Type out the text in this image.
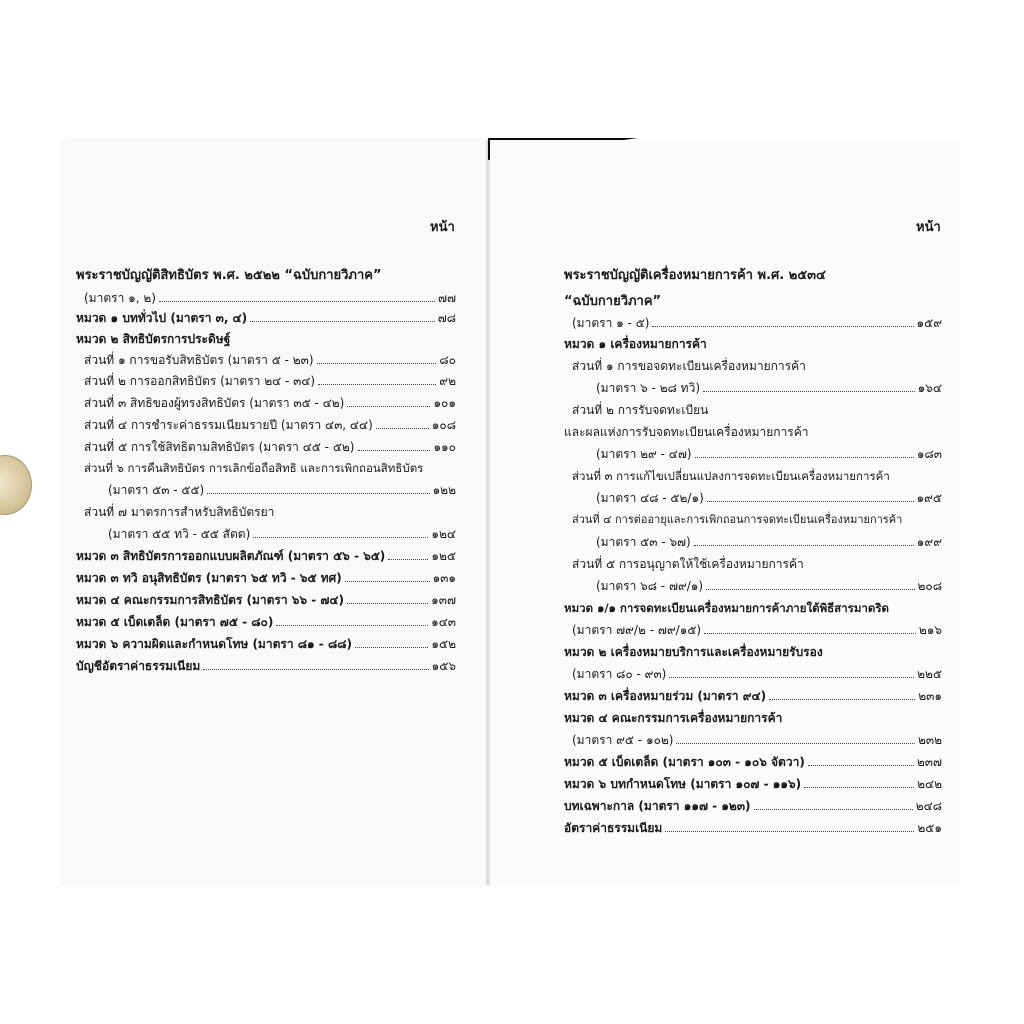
หน้า
พระราชบัญญัติสิทธิบัตร พ.ศ. ๒๕๒๒ “ฉบับกายวิภาค”
(มาตรา ๑, ๒)	๗๗
หมวด ๑ บททั่วไป (มาตรา ๓, ๔)	๗๘
หมวด ๒ สิทธิบัตรการประดิษฐ์
ส่วนที่ ๑ การขอรับสิทธิบัตร (มาตรา ๕ - ๒๓)	๘๐
ส่วนที่ ๒ การออกสิทธิบัตร (มาตรา ๒๔ - ๓๔)	๙๒
ส่วนที่ ๓ สิทธิของผู้ทรงสิทธิบัตร (มาตรา ๓๕ - ๔๒)	๑๐๑
ส่วนที่ ๔ การชำระค่าธรรมเนียมรายปี (มาตรา ๔๓, ๔๔)	๑๐๘
ส่วนที่ ๕ การใช้สิทธิตามสิทธิบัตร (มาตรา ๔๕ - ๕๒)	๑๑๐
ส่วนที่ ๖ การคืนสิทธิบัตร การเลิกข้อถือสิทธิ และการเพิกถอนสิทธิบัตร
(มาตรา ๕๓ - ๕๕)	๑๒๒
ส่วนที่ ๗ มาตรการสำหรับสิทธิบัตรยา
(มาตรา ๕๕ ทวิ - ๕๕ สัตต)	๑๒๔
หมวด ๓ สิทธิบัตรการออกแบบผลิตภัณฑ์ (มาตรา ๕๖ - ๖๕)	๑๒๕
หมวด ๓ ทวิ อนุสิทธิบัตร (มาตรา ๖๕ ทวิ - ๖๕ ทศ)	๑๓๑
หมวด ๔ คณะกรรมการสิทธิบัตร (มาตรา ๖๖ - ๗๔)	๑๓๗
หมวด ๕ เบ็ดเตล็ด (มาตรา ๗๕ - ๘๐)	๑๔๓
หมวด ๖ ความผิดและกำหนดโทษ (มาตรา ๘๑ - ๘๘)	๑๕๒
บัญชีอัตราค่าธรรมเนียม	๑๕๖
หน้า
พระราชบัญญัติเครื่องหมายการค้า พ.ศ. ๒๕๓๔
“ฉบับกายวิภาค”
(มาตรา ๑ - ๕)	๑๕๙
หมวด ๑ เครื่องหมายการค้า
ส่วนที่ ๑ การขอจดทะเบียนเครื่องหมายการค้า
(มาตรา ๖ - ๒๘ ทวิ)	๑๖๔
ส่วนที่ ๒ การรับจดทะเบียน
และผลแห่งการรับจดทะเบียนเครื่องหมายการค้า
(มาตรา ๒๙ - ๔๗)	๑๘๓
ส่วนที่ ๓ การแก้ไขเปลี่ยนแปลงการจดทะเบียนเครื่องหมายการค้า
(มาตรา ๔๘ - ๕๒/๑)	๑๙๕
ส่วนที่ ๔ การต่ออายุและการเพิกถอนการจดทะเบียนเครื่องหมายการค้า
(มาตรา ๕๓ - ๖๗)	๑๙๙
ส่วนที่ ๕ การอนุญาตให้ใช้เครื่องหมายการค้า
(มาตรา ๖๘ - ๗๙/๑)	๒๐๘
หมวด ๑/๑ การจดทะเบียนเครื่องหมายการค้าภายใต้พิธีสารมาดริด
(มาตรา ๗๙/๒ - ๗๙/๑๕)	๒๑๖
หมวด ๒ เครื่องหมายบริการและเครื่องหมายรับรอง
(มาตรา ๘๐ - ๙๓)	๒๒๕
หมวด ๓ เครื่องหมายร่วม (มาตรา ๙๔)	๒๓๑
หมวด ๔ คณะกรรมการเครื่องหมายการค้า
(มาตรา ๙๕ - ๑๐๒)	๒๓๒
หมวด ๕ เบ็ดเตล็ด (มาตรา ๑๐๓ - ๑๐๖ จัตวา)	๒๓๗
หมวด ๖ บทกำหนดโทษ (มาตรา ๑๐๗ - ๑๑๖)	๒๔๒
บทเฉพาะกาล (มาตรา ๑๑๗ - ๑๒๓)	๒๔๘
อัตราค่าธรรมเนียม	๒๕๑
